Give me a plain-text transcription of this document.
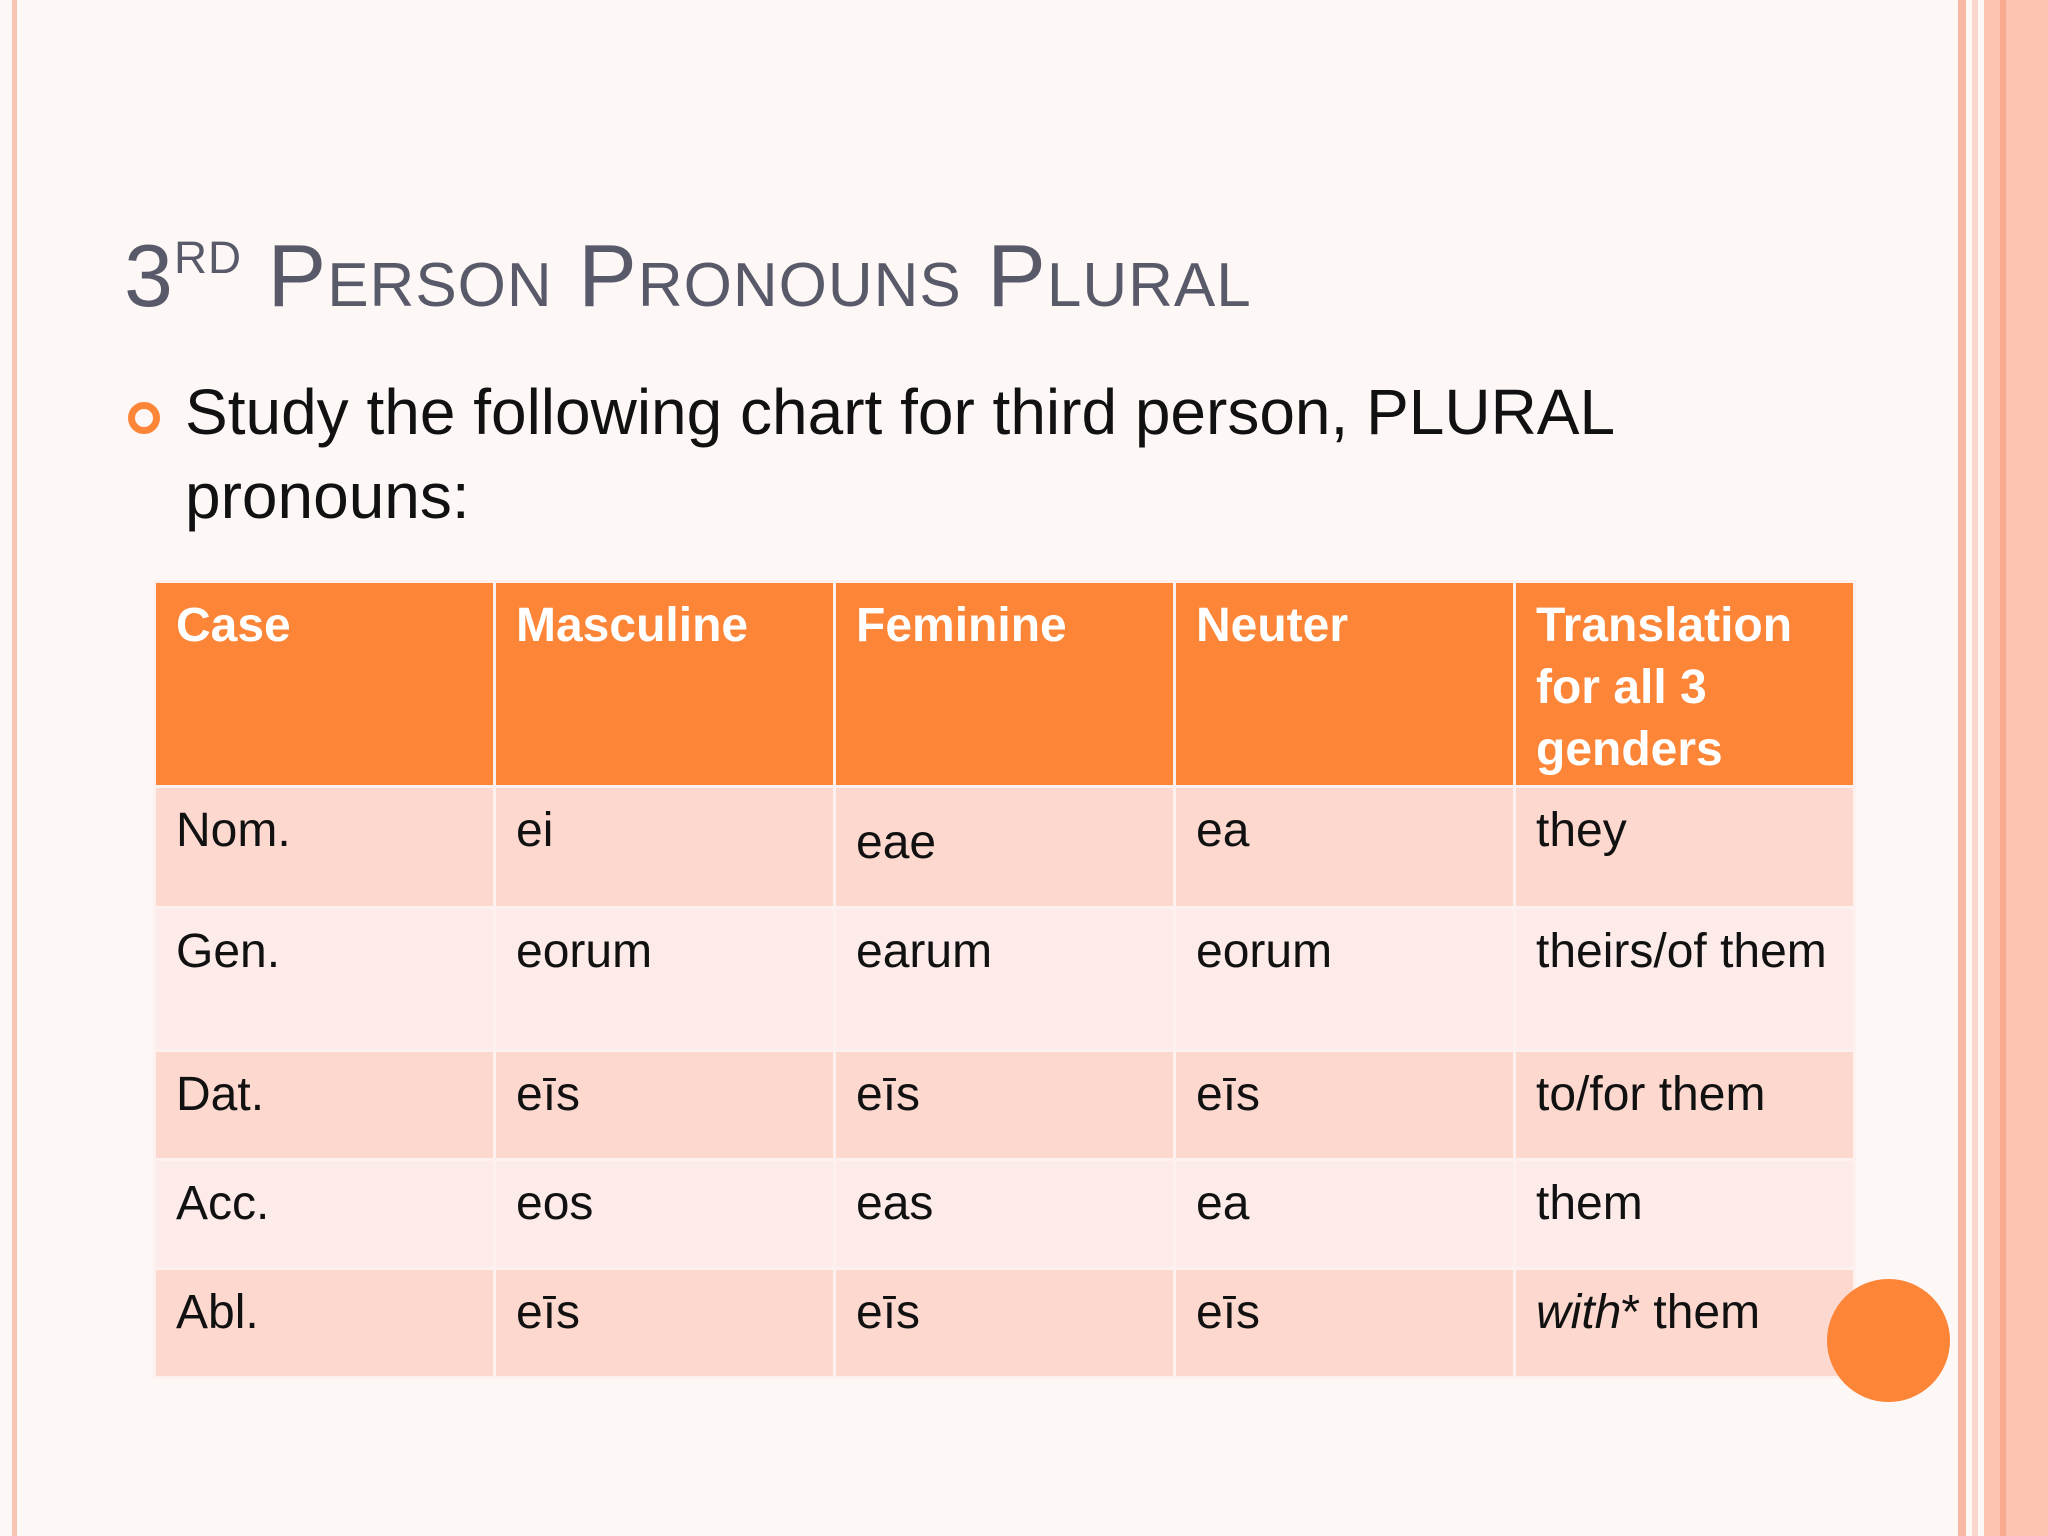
3RD Person Pronouns Plural

Study the following chart for third person, PLURAL pronouns:

Case	Masculine	Feminine	Neuter	Translation for all 3 genders
Nom.	ei	eae	ea	they
Gen.	eorum	earum	eorum	theirs/of them
Dat.	eīs	eīs	eīs	to/for them
Acc.	eos	eas	ea	them
Abl.	eīs	eīs	eīs	with* them
